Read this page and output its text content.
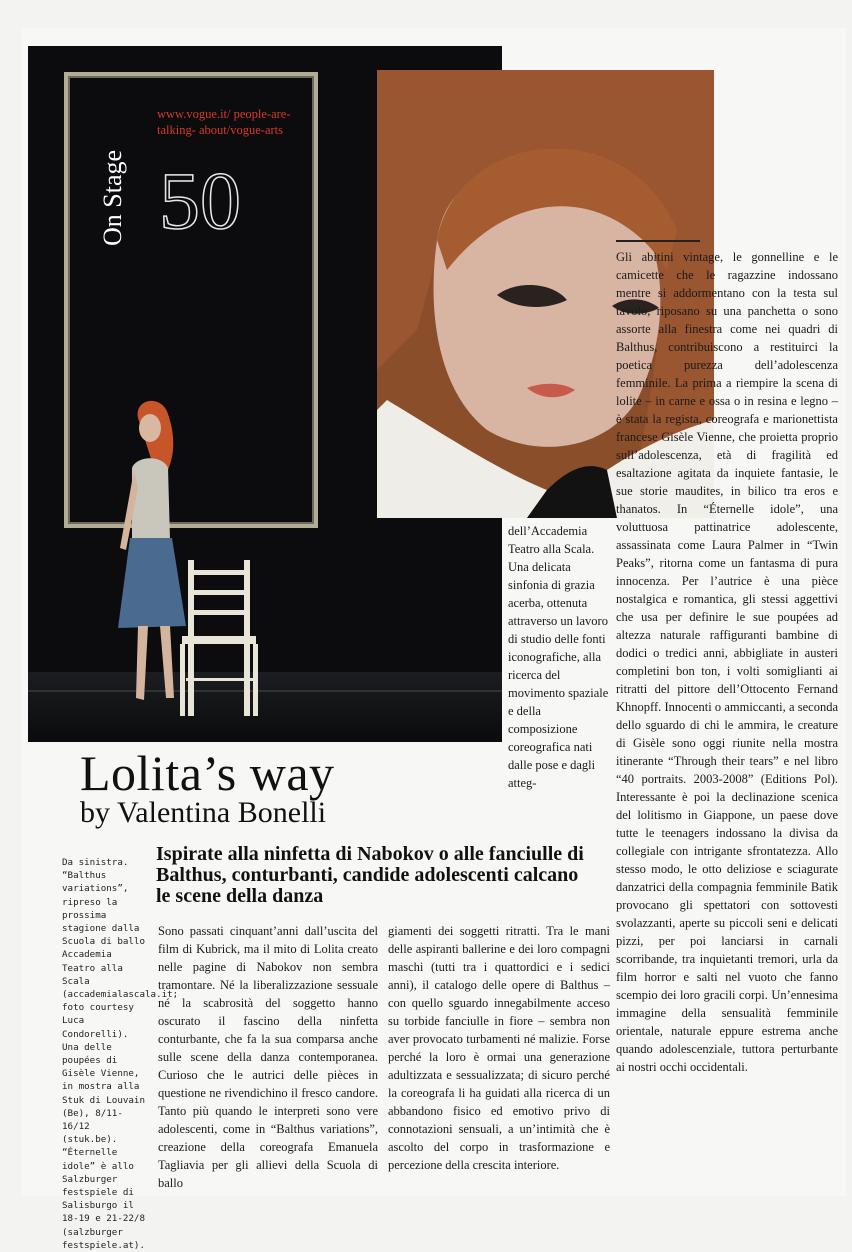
On Stage
www.vogue.it/ people-are-talking- about/vogue-arts
50
dell’Accademia Teatro alla Scala. Una delicata sinfonia di grazia acerba, ottenuta attraverso un lavoro di studio delle fonti iconografiche, alla ricerca del movimento spaziale e della composizione coreografica nati dalle pose e dagli atteg-
Gli abitini vintage, le gonnelline e le camicette che le ragazzine indossano mentre si addormentano con la testa sul tavolo, riposano su una panchetta o sono assorte alla finestra come nei quadri di Balthus, contribuiscono a restituirci la poetica purezza dell’adolescenza femminile. La prima a riempire la scena di lolite – in carne e ossa o in resina e legno – è stata la regista, coreografa e marionettista francese Gisèle Vienne, che proietta proprio sull’adolescenza, età di fragilità ed esaltazione agitata da inquiete fantasie, le sue storie maudites, in bilico tra eros e thanatos. In “Éternelle idole”, una voluttuosa pattinatrice adolescente, assassinata come Laura Palmer in “Twin Peaks”, ritorna come un fantasma di pura innocenza. Per l’autrice è una pièce nostalgica e romantica, gli stessi aggettivi che usa per definire le sue poupées ad altezza naturale raffiguranti bambine di dodici o tredici anni, abbigliate in austeri completini bon ton, i volti somiglianti ai ritratti del pittore dell’Ottocento Fernand Khnopff. Innocenti o ammiccanti, a seconda dello sguardo di chi le ammira, le creature di Gisèle sono oggi riunite nella mostra itinerante “Through their tears” e nel libro “40 portraits. 2003-2008” (Editions Pol). Interessante è poi la declinazione scenica del lolitismo in Giappone, un paese dove tutte le teenagers indossano la divisa da collegiale con intrigante sfrontatezza. Allo stesso modo, le otto deliziose e sciagurate danzatrici della compagnia femminile Batik provocano gli spettatori con sottovesti svolazzanti, aperte su piccoli seni e delicati pizzi, per poi lanciarsi in carnali scorribande, tra inquietanti tremori, urla da film horror e salti nel vuoto che fanno scempio dei loro gracili corpi. Un’ennesima immagine della sensualità femminile orientale, naturale eppure estrema anche quando adolescenziale, tuttora perturbante ai nostri occhi occidentali.
Lolita’s way
by Valentina Bonelli
Ispirate alla ninfetta di Nabokov o alle fanciulle di Balthus, conturbanti, candide adolescenti calcano le scene della danza
Da sinistra. “Balthus variations”, ripreso la prossima stagione dalla Scuola di ballo Accademia Teatro alla Scala (accademialascala.it; foto courtesy Luca Condorelli). Una delle poupées di Gisèle Vienne, in mostra alla Stuk di Louvain (Be), 8/11-16/12 (stuk.be). “Éternelle idole” è allo Salzburger festspiele di Salisburgo il 18-19 e 21-22/8 (salzburger festspiele.at).
Sono passati cinquant’anni dall’uscita del film di Kubrick, ma il mito di Lolita creato nelle pagine di Nabokov non sembra tramontare. Né la liberalizzazione sessuale né la scabrosità del soggetto hanno oscurato il fascino della ninfetta conturbante, che fa la sua comparsa anche sulle scene della danza contemporanea. Curioso che le autrici delle pièces in questione ne rivendichino il fresco candore. Tanto più quando le interpreti sono vere adolescenti, come in “Balthus variations”, creazione della coreografa Emanuela Tagliavia per gli allievi della Scuola di ballo
giamenti dei soggetti ritratti. Tra le mani delle aspiranti ballerine e dei loro compagni maschi (tutti tra i quattordici e i sedici anni), il catalogo delle opere di Balthus – con quello sguardo innegabilmente acceso su torbide fanciulle in fiore – sembra non aver provocato turbamenti né malizie. Forse perché la loro è ormai una generazione adultizzata e sessualizzata; di sicuro perché la coreografa li ha guidati alla ricerca di un abbandono fisico ed emotivo privo di connotazioni sensuali, a un’intimità che è ascolto del corpo in trasformazione e percezione della crescita interiore.
